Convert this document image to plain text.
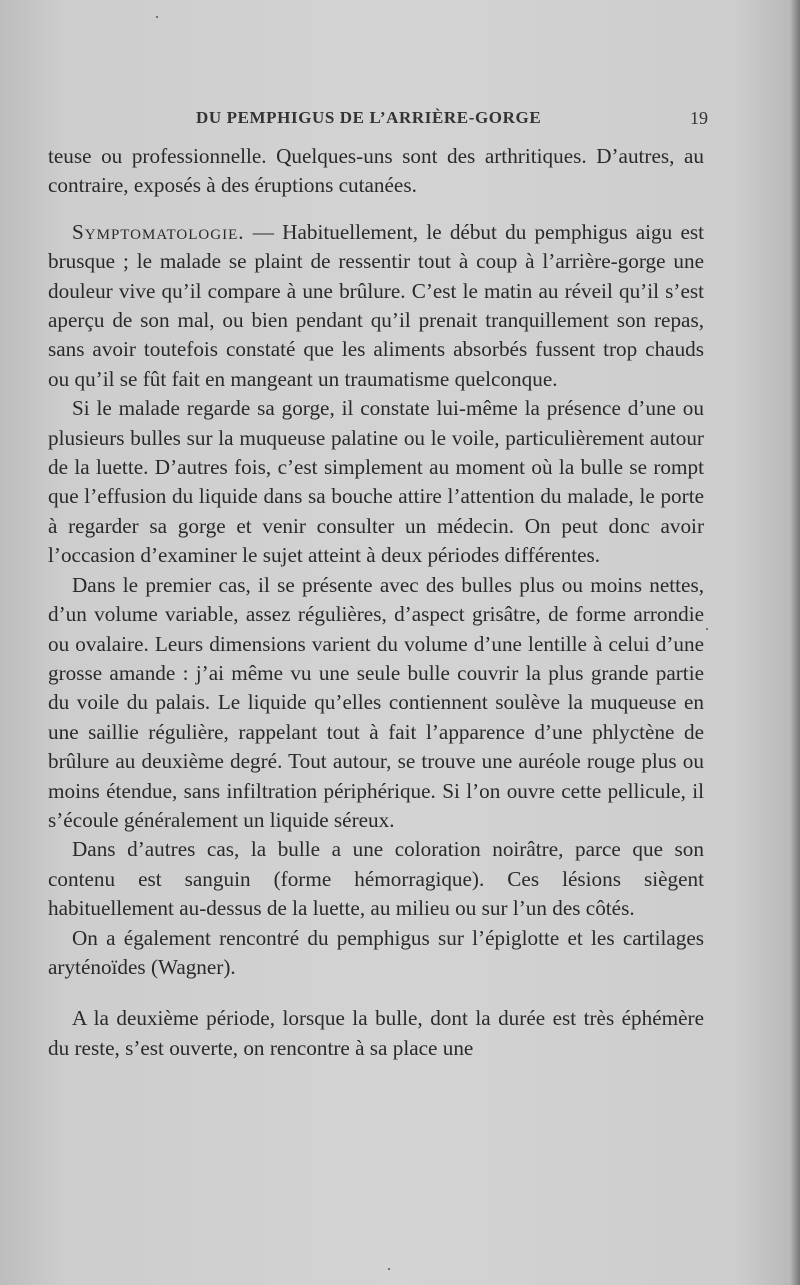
DU PEMPHIGUS DE L’ARRIÈRE-GORGE	19

teuse ou professionnelle. Quelques-uns sont des arthritiques. D’autres, au contraire, exposés à des éruptions cutanées.

Symptomatologie. — Habituellement, le début du pemphigus aigu est brusque ; le malade se plaint de ressentir tout à coup à l’arrière-gorge une douleur vive qu’il compare à une brûlure. C’est le matin au réveil qu’il s’est aperçu de son mal, ou bien pendant qu’il prenait tranquillement son repas, sans avoir toutefois constaté que les aliments absorbés fussent trop chauds ou qu’il se fût fait en mangeant un traumatisme quelconque.

Si le malade regarde sa gorge, il constate lui-même la présence d’une ou plusieurs bulles sur la muqueuse palatine ou le voile, particulièrement autour de la luette. D’autres fois, c’est simplement au moment où la bulle se rompt que l’effusion du liquide dans sa bouche attire l’attention du malade, le porte à regarder sa gorge et venir consulter un médecin. On peut donc avoir l’occasion d’examiner le sujet atteint à deux périodes différentes.

Dans le premier cas, il se présente avec des bulles plus ou moins nettes, d’un volume variable, assez régulières, d’aspect grisâtre, de forme arrondie ou ovalaire. Leurs dimensions varient du volume d’une lentille à celui d’une grosse amande : j’ai même vu une seule bulle couvrir la plus grande partie du voile du palais. Le liquide qu’elles contiennent soulève la muqueuse en une saillie régulière, rappelant tout à fait l’apparence d’une phlyctène de brûlure au deuxième degré. Tout autour, se trouve une auréole rouge plus ou moins étendue, sans infiltration périphérique. Si l’on ouvre cette pellicule, il s’écoule généralement un liquide séreux.

Dans d’autres cas, la bulle a une coloration noirâtre, parce que son contenu est sanguin (forme hémorragique). Ces lésions siègent habituellement au-dessus de la luette, au milieu ou sur l’un des côtés.

On a également rencontré du pemphigus sur l’épiglotte et les cartilages aryténoïdes (Wagner).

A la deuxième période, lorsque la bulle, dont la durée est très éphémère du reste, s’est ouverte, on rencontre à sa place une
